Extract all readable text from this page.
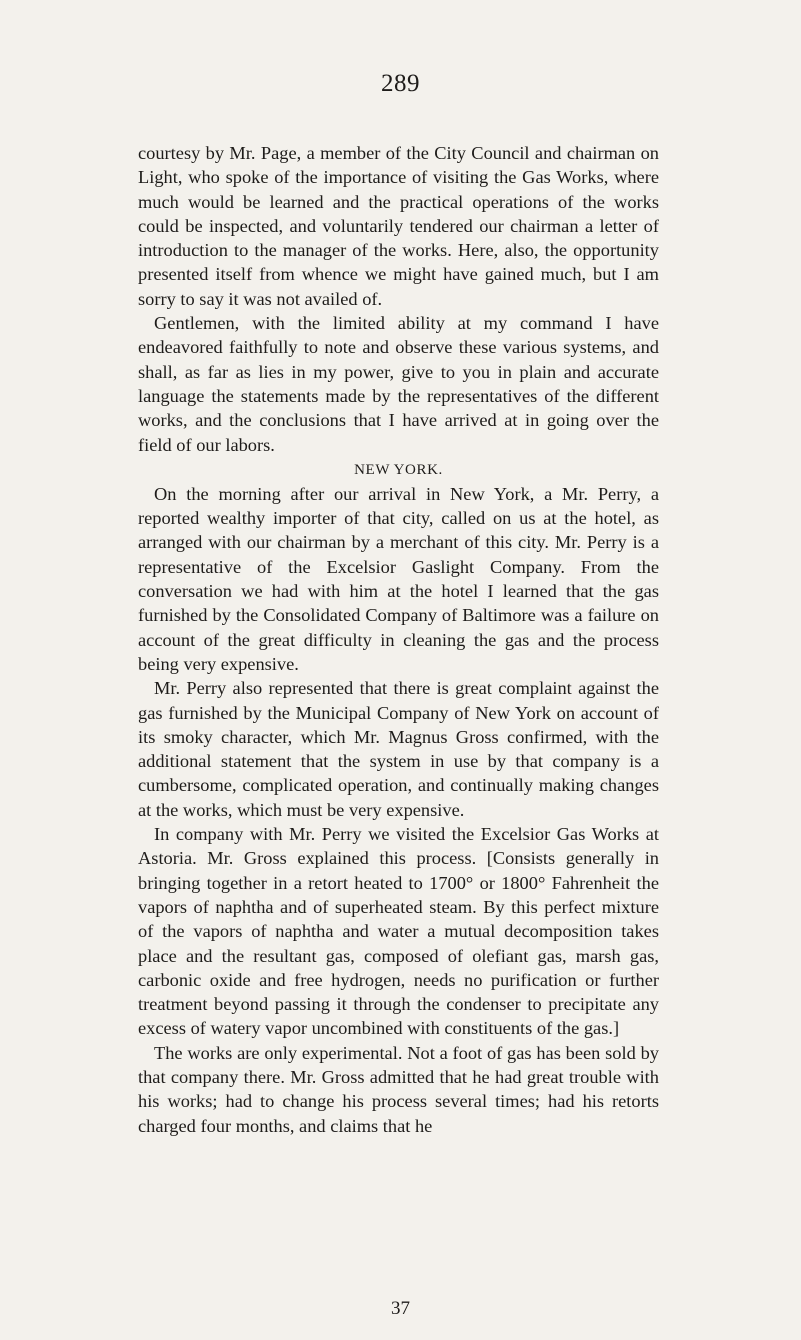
289

courtesy by Mr. Page, a member of the City Council and chairman on Light, who spoke of the importance of visiting the Gas Works, where much would be learned and the practical operations of the works could be inspected, and voluntarily tendered our chairman a letter of introduction to the manager of the works. Here, also, the opportunity presented itself from whence we might have gained much, but I am sorry to say it was not availed of.

Gentlemen, with the limited ability at my command I have endeavored faithfully to note and observe these various systems, and shall, as far as lies in my power, give to you in plain and accurate language the statements made by the representatives of the different works, and the conclusions that I have arrived at in going over the field of our labors.

NEW YORK.

On the morning after our arrival in New York, a Mr. Perry, a reported wealthy importer of that city, called on us at the hotel, as arranged with our chairman by a merchant of this city. Mr. Perry is a representative of the Excelsior Gaslight Company. From the conversation we had with him at the hotel I learned that the gas furnished by the Consolidated Company of Baltimore was a failure on account of the great difficulty in cleaning the gas and the process being very expensive.

Mr. Perry also represented that there is great complaint against the gas furnished by the Municipal Company of New York on account of its smoky character, which Mr. Magnus Gross confirmed, with the additional statement that the system in use by that company is a cumbersome, complicated operation, and continually making changes at the works, which must be very expensive.

In company with Mr. Perry we visited the Excelsior Gas Works at Astoria. Mr. Gross explained this process. [Consists generally in bringing together in a retort heated to 1700° or 1800° Fahrenheit the vapors of naphtha and of superheated steam. By this perfect mixture of the vapors of naphtha and water a mutual decomposition takes place and the resultant gas, composed of olefiant gas, marsh gas, carbonic oxide and free hydrogen, needs no purification or further treatment beyond passing it through the condenser to precipitate any excess of watery vapor uncombined with constituents of the gas.]

The works are only experimental. Not a foot of gas has been sold by that company there. Mr. Gross admitted that he had great trouble with his works; had to change his process several times; had his retorts charged four months, and claims that he

37
